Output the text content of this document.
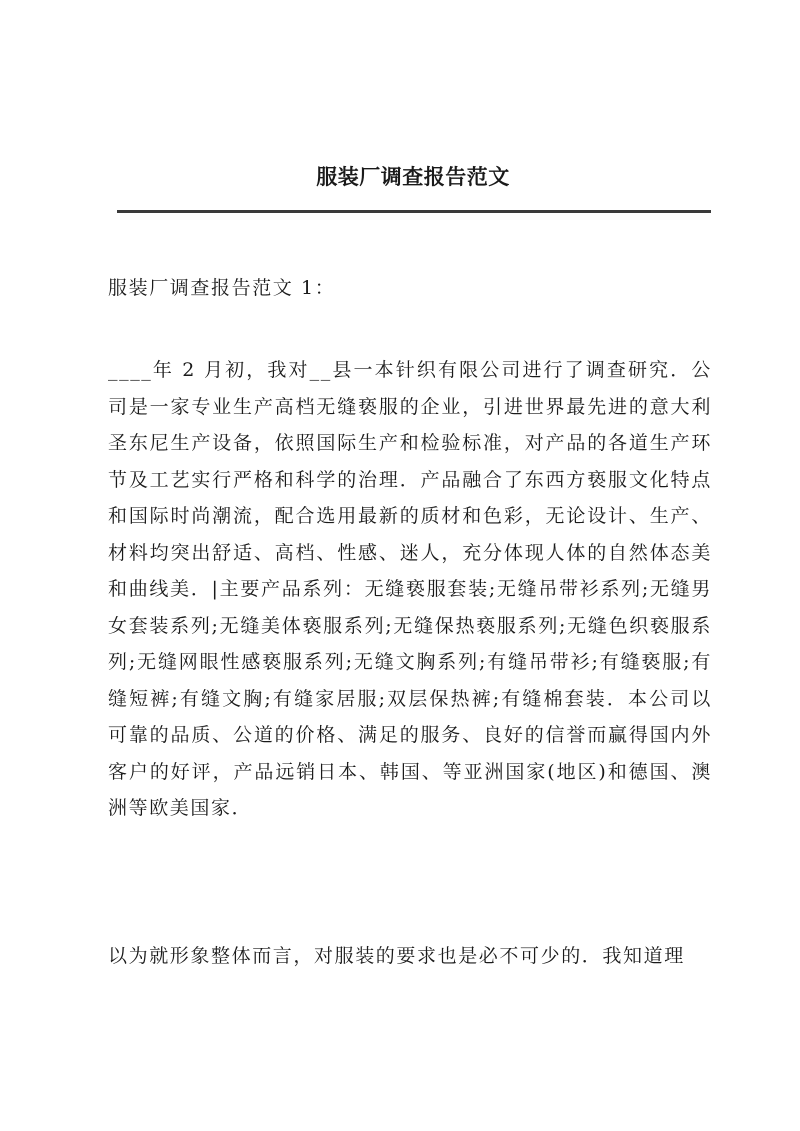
服装厂调查报告范文

服装厂调查报告范文 1：

____年 2 月初，我对__县一本针织有限公司进行了调查研究．公司是一家专业生产高档无缝亵服的企业，引进世界最先进的意大利圣东尼生产设备，依照国际生产和检验标准，对产品的各道生产环节及工艺实行严格和科学的治理．产品融合了东西方亵服文化特点和国际时尚潮流，配合选用最新的质材和色彩，无论设计、生产、材料均突出舒适、高档、性感、迷人，充分体现人体的自然体态美和曲线美．|主要产品系列：无缝亵服套装;无缝吊带衫系列;无缝男女套装系列;无缝美体亵服系列;无缝保热亵服系列;无缝色织亵服系列;无缝网眼性感亵服系列;无缝文胸系列;有缝吊带衫;有缝亵服;有缝短裤;有缝文胸;有缝家居服;双层保热裤;有缝棉套装．本公司以可靠的品质、公道的价格、满足的服务、良好的信誉而赢得国内外客户的好评，产品远销日本、韩国、等亚洲国家(地区)和德国、澳洲等欧美国家．

以为就形象整体而言，对服装的要求也是必不可少的．我知道理
